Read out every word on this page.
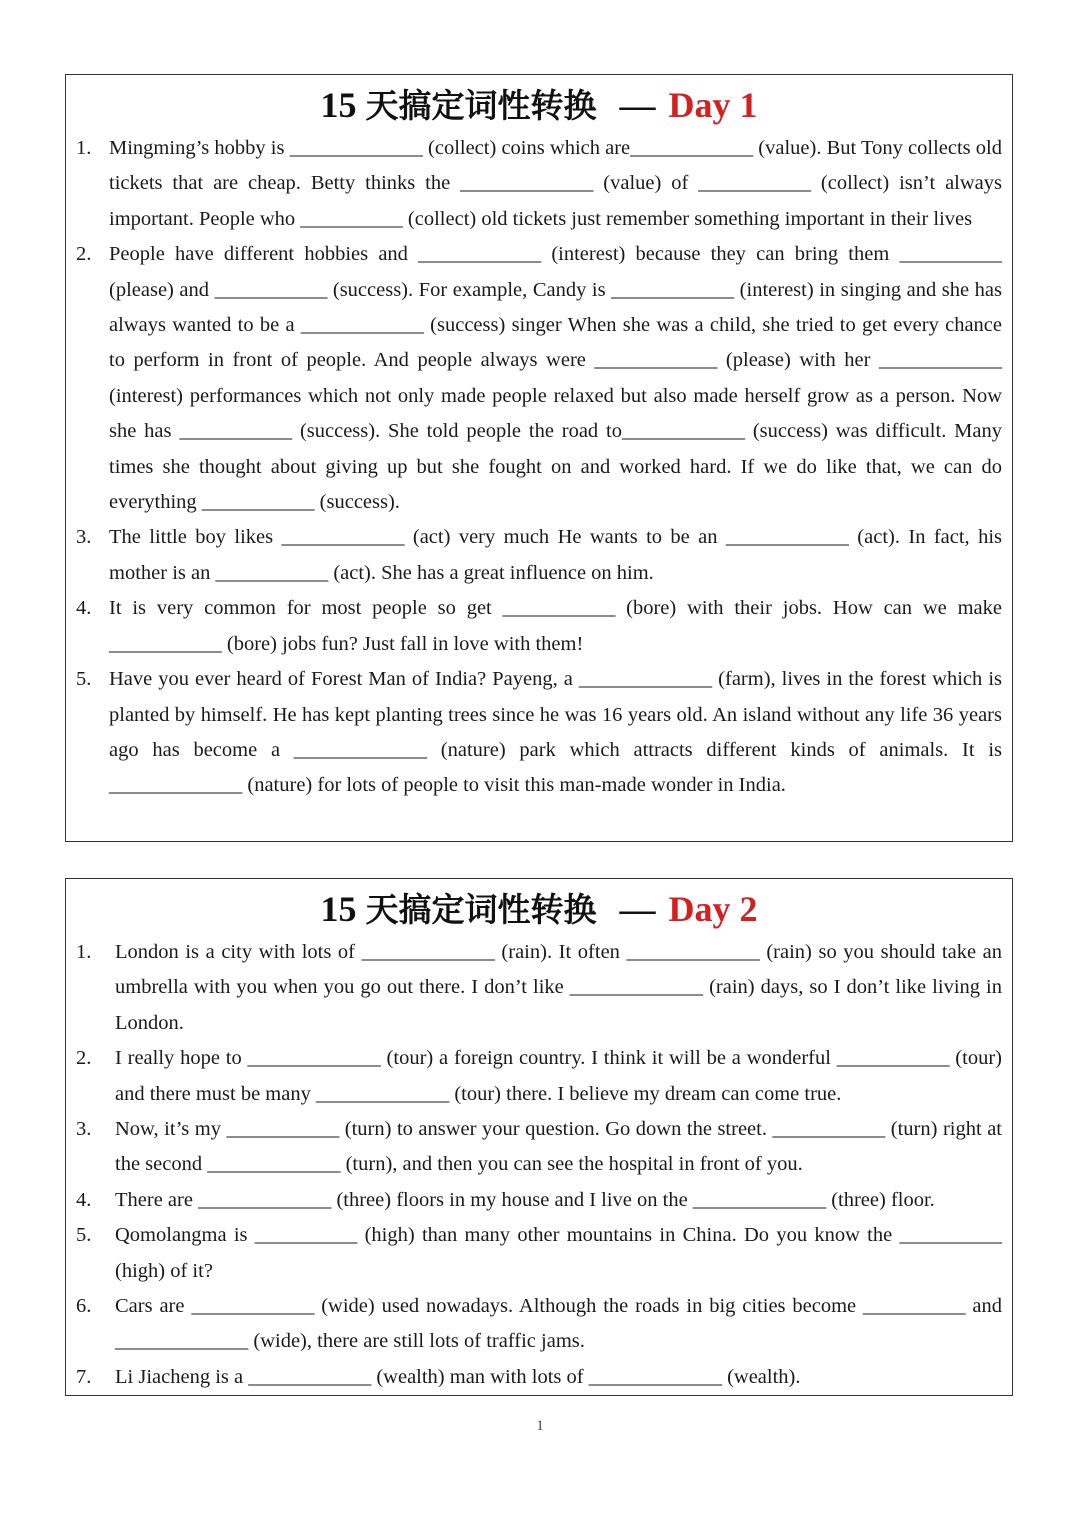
15 天搞定词性转换 — Day 1
1. Mingming’s hobby is _____________ (collect) coins which are____________ (value). But Tony collects old tickets that are cheap. Betty thinks the _____________ (value) of ___________ (collect) isn’t always important. People who __________ (collect) old tickets just remember something important in their lives
2. People have different hobbies and ____________ (interest) because they can bring them __________ (please) and ___________ (success). For example, Candy is ____________ (interest) in singing and she has always wanted to be a ____________ (success) singer When she was a child, she tried to get every chance to perform in front of people. And people always were ____________ (please) with her ____________ (interest) performances which not only made people relaxed but also made herself grow as a person. Now she has ___________ (success). She told people the road to____________ (success) was difficult. Many times she thought about giving up but she fought on and worked hard. If we do like that, we can do everything ___________ (success).
3. The little boy likes ____________ (act) very much He wants to be an ____________ (act). In fact, his mother is an ___________ (act). She has a great influence on him.
4. It is very common for most people so get ___________ (bore) with their jobs. How can we make ___________ (bore) jobs fun? Just fall in love with them!
5. Have you ever heard of Forest Man of India? Payeng, a _____________ (farm), lives in the forest which is planted by himself. He has kept planting trees since he was 16 years old. An island without any life 36 years ago has become a _____________ (nature) park which attracts different kinds of animals. It is _____________ (nature) for lots of people to visit this man-made wonder in India.
15 天搞定词性转换 — Day 2
1. London is a city with lots of _____________ (rain). It often _____________ (rain) so you should take an umbrella with you when you go out there. I don’t like _____________ (rain) days, so I don’t like living in London.
2. I really hope to _____________ (tour) a foreign country. I think it will be a wonderful ___________ (tour) and there must be many _____________ (tour) there. I believe my dream can come true.
3. Now, it’s my ___________ (turn) to answer your question. Go down the street. ___________ (turn) right at the second _____________ (turn), and then you can see the hospital in front of you.
4. There are _____________ (three) floors in my house and I live on the _____________ (three) floor.
5. Qomolangma is __________ (high) than many other mountains in China. Do you know the __________ (high) of it?
6. Cars are ____________ (wide) used nowadays. Although the roads in big cities become __________ and _____________ (wide), there are still lots of traffic jams.
7. Li Jiacheng is a ____________ (wealth) man with lots of _____________ (wealth).
1
